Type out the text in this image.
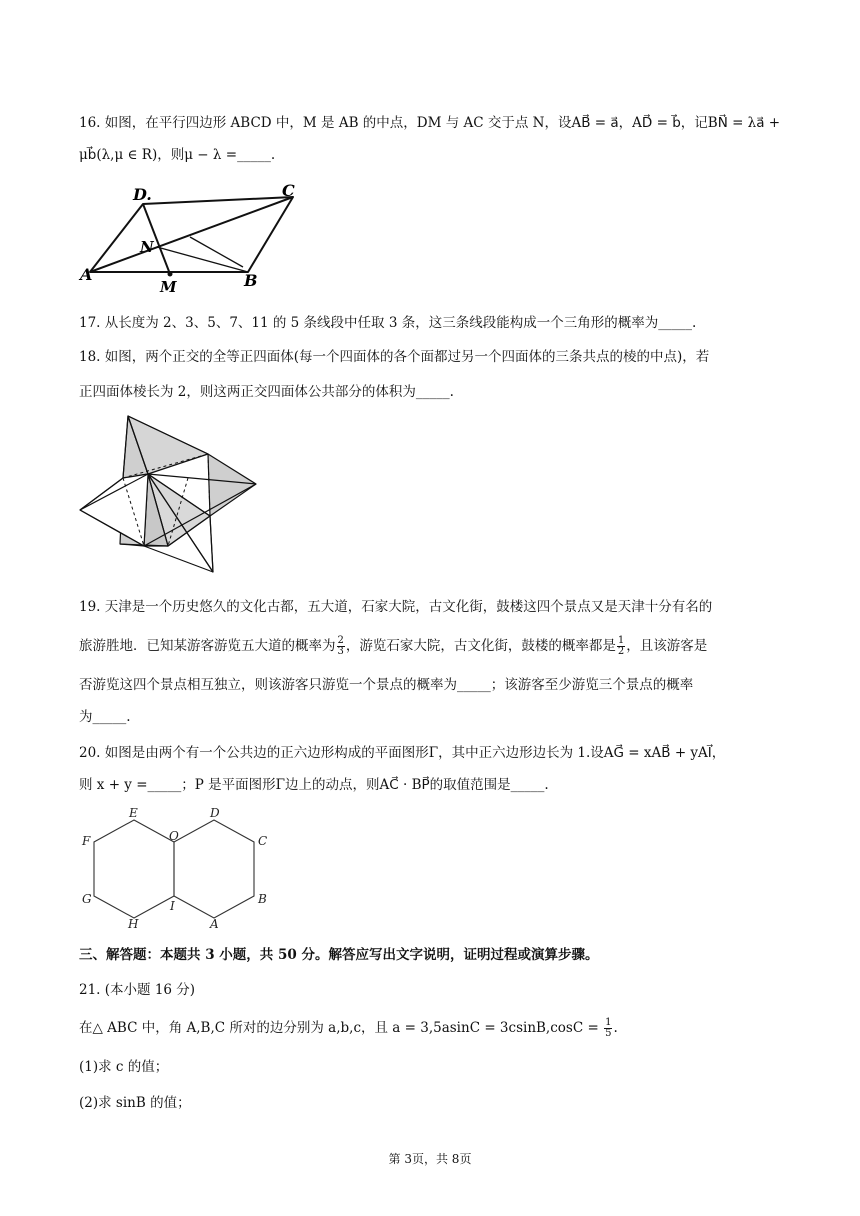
16. 如图，在平行四边形 ABCD 中，M 是 AB 的中点，DM 与 AC 交于点 N，设AB⃗ = a⃗，AD⃗ = b⃗，记BN⃗ = λa⃗ +
μb⃗(λ,μ ∈ R)，则μ − λ =_____.
D.	C
N
A
M	B
17. 从长度为 2、3、5、7、11 的 5 条线段中任取 3 条，这三条线段能构成一个三角形的概率为_____.
18. 如图，两个正交的全等正四面体(每一个四面体的各个面都过另一个四面体的三条共点的棱的中点)，若
正四面体棱长为 2，则这两正交四面体公共部分的体积为_____.
19. 天津是一个历史悠久的文化古都，五大道，石家大院，古文化街，鼓楼这四个景点又是天津十分有名的
旅游胜地．已知某游客游览五大道的概率为 $\frac{2}{3}$ ，游览石家大院，古文化街，鼓楼的概率都是 $\frac{1}{2}$ ，且该游客是
否游览这四个景点相互独立，则该游客只游览一个景点的概率为_____；该游客至少游览三个景点的概率
为_____.
20. 如图是由两个有一个公共边的正六边形构成的平面图形Γ，其中正六边形边长为 1.设AG⃗ = xAB⃗ + yAI⃗，
则 x + y =_____；P 是平面图形Γ边上的动点，则AC⃗ · BP⃗的取值范围是_____.
E
O
D
F	C
G	I	B
H	A
三、解答题：本题共 3 小题，共 50 分。解答应写出文字说明，证明过程或演算步骤。
21. (本小题 16 分)
在△ ABC 中，角 A,B,C 所对的边分别为 a,b,c，且 $a = 3,5asinC = 3csinB,\cos C = \frac{1}{5}$ .
(1)求 c 的值；
(2)求 sinB 的值；
第 3页，共 8页
